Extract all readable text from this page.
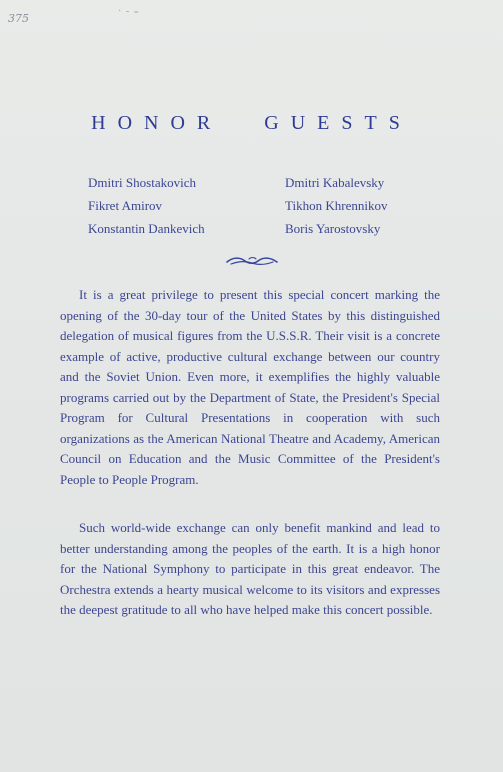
375
· - ₌
HONOR GUESTS
Dmitri Shostakovich
Fikret Amirov
Konstantin Dankevich
Dmitri Kabalevsky
Tikhon Khrennikov
Boris Yarostovsky
It is a great privilege to present this special concert marking the opening of the 30-day tour of the United States by this distinguished delegation of musical figures from the U.S.S.R. Their visit is a concrete example of active, productive cultural exchange between our country and the Soviet Union. Even more, it exemplifies the highly valuable programs carried out by the Department of State, the President's Special Program for Cultural Presentations in cooperation with such organizations as the American National Theatre and Academy, American Council on Education and the Music Committee of the President's People to People Program.
Such world-wide exchange can only benefit mankind and lead to better understanding among the peoples of the earth. It is a high honor for the National Symphony to participate in this great endeavor. The Orchestra extends a hearty musical welcome to its visitors and expresses the deepest gratitude to all who have helped make this concert possible.
